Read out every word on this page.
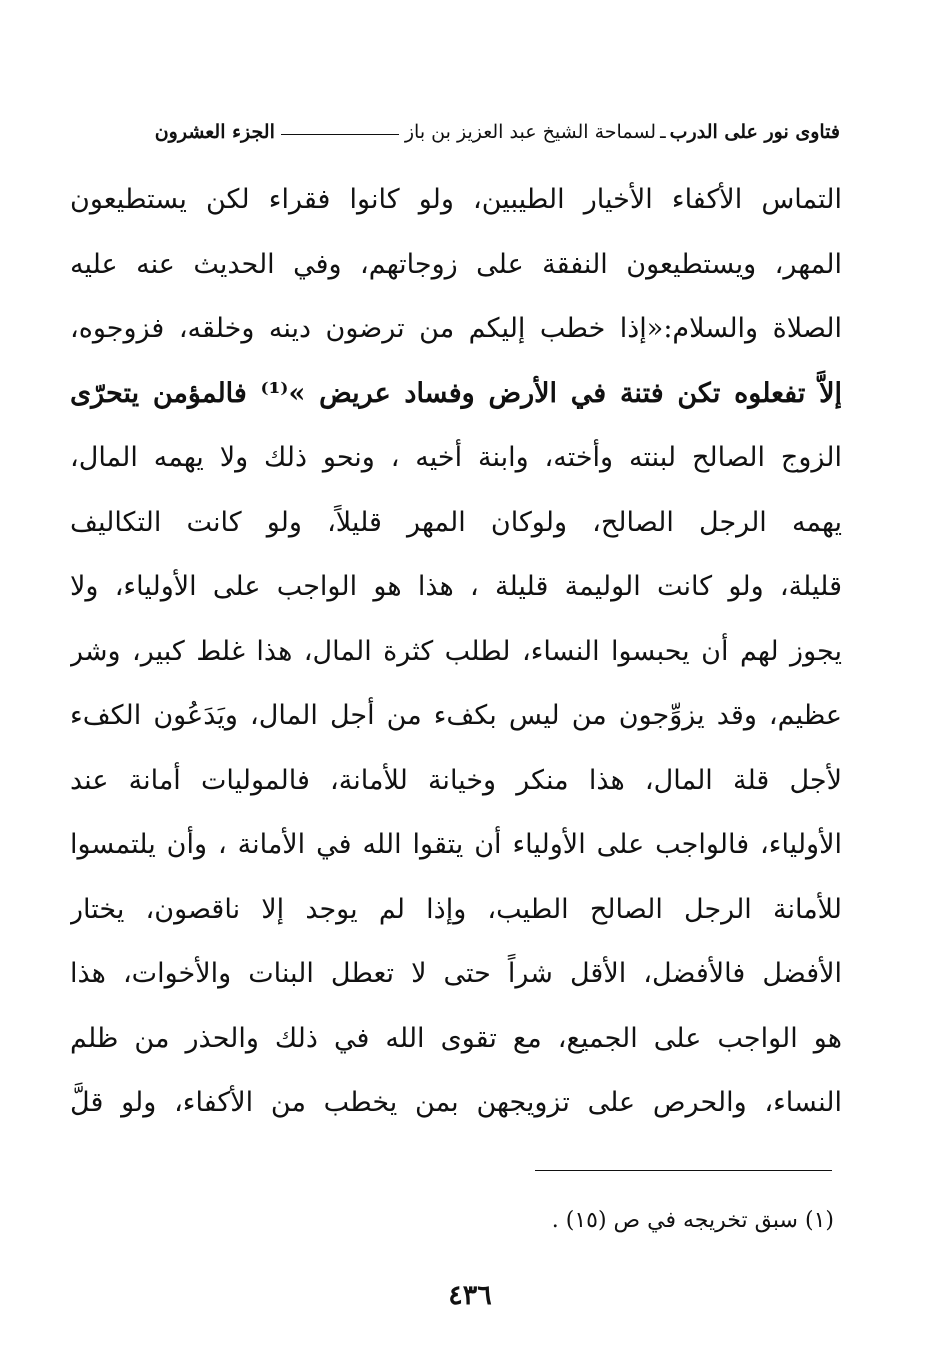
فتاوى نور على الدرب
ـ
لسماحة الشيخ عبد العزيز بن باز
الجزء العشرون
التماس الأكفاء الأخيار الطيبين، ولو كانوا فقراء لكن يستطيعون
المهر، ويستطيعون النفقة على زوجاتهم، وفي الحديث عنه عليه
الصلاة والسلام:«إذا خطب إليكم من ترضون دينه وخلقه، فزوجوه،
إلاَّ تفعلوه تكن فتنة في الأرض وفساد عريض »⁽¹⁾ فالمؤمن يتحرّى
الزوج الصالح لبنته وأخته، وابنة أخيه ، ونحو ذلك ولا يهمه المال،
يهمه الرجل الصالح، ولوكان المهر قليلاً، ولو كانت التكاليف
قليلة، ولو كانت الوليمة قليلة ، هذا هو الواجب على الأولياء، ولا
يجوز لهم أن يحبسوا النساء، لطلب كثرة المال، هذا غلط كبير، وشر
عظيم، وقد يزوِّجون من ليس بكفء من أجل المال، ويَدَعُون الكفء
لأجل قلة المال، هذا منكر وخيانة للأمانة، فالموليات أمانة عند
الأولياء، فالواجب على الأولياء أن يتقوا الله في الأمانة ، وأن يلتمسوا
للأمانة الرجل الصالح الطيب، وإذا لم يوجد إلا ناقصون، يختار
الأفضل فالأفضل، الأقل شراً حتى لا تعطل البنات والأخوات، هذا
هو الواجب على الجميع، مع تقوى الله في ذلك والحذر من ظلم
النساء، والحرص على تزويجهن بمن يخطب من الأكفاء، ولو قلَّ
(١) سبق تخريجه في ص (١٥) .
٤٣٦
